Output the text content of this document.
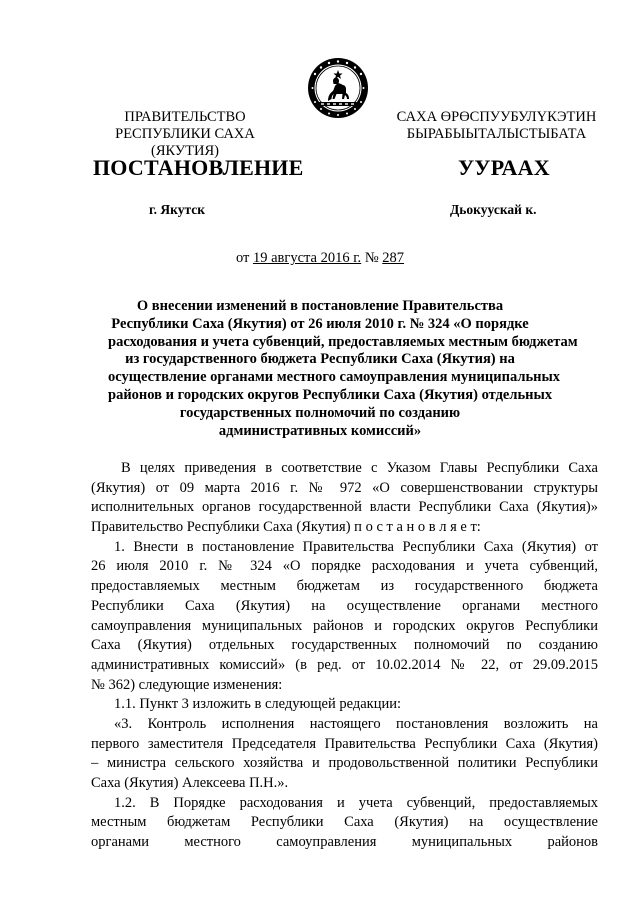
ПРАВИТЕЛЬСТВО
РЕСПУБЛИКИ САХА (ЯКУТИЯ)
САХА ӨРӨСПУУБУЛҮКЭТИН
БЫРАБЫЫТАЛЫСТЫБАТА
ПОСТАНОВЛЕНИЕ	УУРААХ
г. Якутск	Дьокуускай к.
от 19 августа 2016 г. № 287
О внесении изменений в постановление Правительства
Республики Саха (Якутия) от 26 июля 2010 г. № 324 «О порядке
расходования и учета субвенций, предоставляемых местным бюджетам
из государственного бюджета Республики Саха (Якутия) на
осуществление органами местного самоуправления муниципальных
районов и городских округов Республики Саха (Якутия) отдельных
государственных полномочий по созданию
административных комиссий»
В целях приведения в соответствие с Указом Главы Республики Саха
(Якутия) от 09 марта 2016 г. № 972 «О совершенствовании структуры
исполнительных органов государственной власти Республики Саха (Якутия)»
Правительство Республики Саха (Якутия) п о с т а н о в л я е т:
1. Внести в постановление Правительства Республики Саха (Якутия) от
26 июля 2010 г. № 324 «О порядке расходования и учета субвенций,
предоставляемых местным бюджетам из государственного бюджета
Республики Саха (Якутия) на осуществление органами местного
самоуправления муниципальных районов и городских округов Республики
Саха (Якутия) отдельных государственных полномочий по созданию
административных комиссий» (в ред. от 10.02.2014 № 22, от 29.09.2015
№ 362) следующие изменения:
1.1. Пункт 3 изложить в следующей редакции:
«3. Контроль исполнения настоящего постановления возложить на
первого заместителя Председателя Правительства Республики Саха (Якутия)
– министра сельского хозяйства и продовольственной политики Республики
Саха (Якутия) Алексеева П.Н.».
1.2. В Порядке расходования и учета субвенций, предоставляемых
местным бюджетам Республики Саха (Якутия) на осуществление
органами местного самоуправления муниципальных районов
